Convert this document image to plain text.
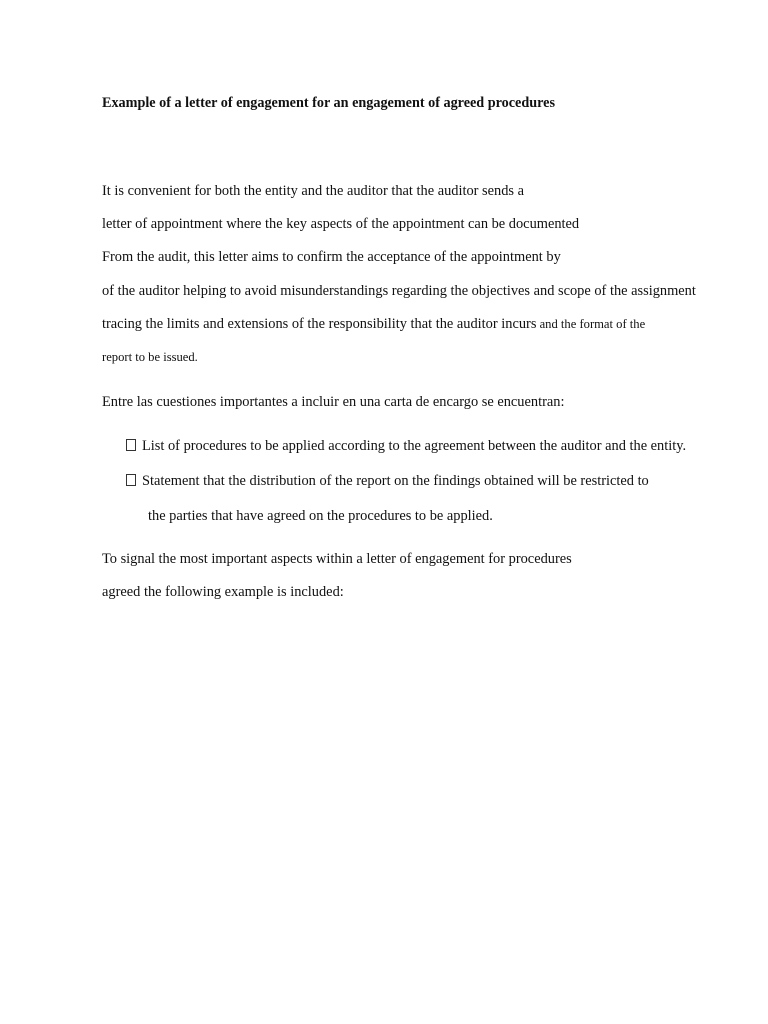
Example of a letter of engagement for an engagement of agreed procedures
It is convenient for both the entity and the auditor that the auditor sends a
letter of appointment where the key aspects of the appointment can be documented
From the audit, this letter aims to confirm the acceptance of the appointment by
of the auditor helping to avoid misunderstandings regarding the objectives and scope of the assignment
tracing the limits and extensions of the responsibility that the auditor incurs and the format of the
report to be issued.
Entre las cuestiones importantes a incluir en una carta de encargo se encuentran:
List of procedures to be applied according to the agreement between the auditor and the entity.
Statement that the distribution of the report on the findings obtained will be restricted to
the parties that have agreed on the procedures to be applied.
To signal the most important aspects within a letter of engagement for procedures
agreed the following example is included:
